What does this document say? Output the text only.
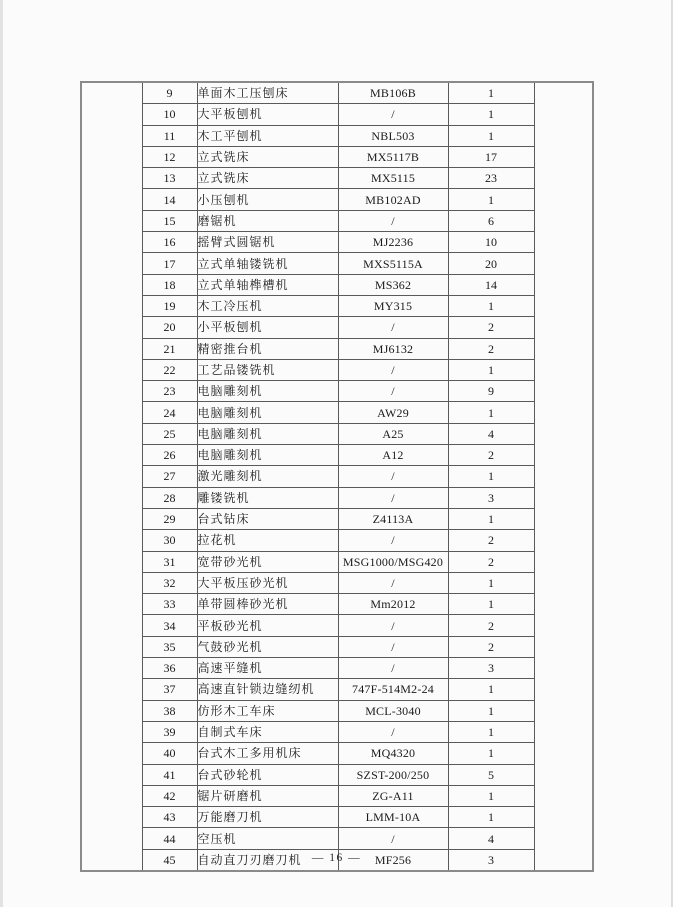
	9	单面木工压刨床	MB106B	1	
	10	大平板刨机	/	1	
	11	木工平刨机	NBL503	1	
	12	立式铣床	MX5117B	17	
	13	立式铣床	MX5115	23	
	14	小压刨机	MB102AD	1	
	15	磨锯机	/	6	
	16	摇臂式圆锯机	MJ2236	10	
	17	立式单轴镂铣机	MXS5115A	20	
	18	立式单轴榫槽机	MS362	14	
	19	木工冷压机	MY315	1	
	20	小平板刨机	/	2	
	21	精密推台机	MJ6132	2	
	22	工艺品镂铣机	/	1	
	23	电脑雕刻机	/	9	
	24	电脑雕刻机	AW29	1	
	25	电脑雕刻机	A25	4	
	26	电脑雕刻机	A12	2	
	27	激光雕刻机	/	1	
	28	雕镂铣机	/	3	
	29	台式钻床	Z4113A	1	
	30	拉花机	/	2	
	31	宽带砂光机	MSG1000/MSG420	2	
	32	大平板压砂光机	/	1	
	33	单带圆棒砂光机	Mm2012	1	
	34	平板砂光机	/	2	
	35	气鼓砂光机	/	2	
	36	高速平缝机	/	3	
	37	高速直针锁边缝纫机	747F-514M2-24	1	
	38	仿形木工车床	MCL-3040	1	
	39	自制式车床	/	1	
	40	台式木工多用机床	MQ4320	1	
	41	台式砂轮机	SZST-200/250	5	
	42	锯片研磨机	ZG-A11	1	
	43	万能磨刀机	LMM-10A	1	
	44	空压机	/	4	
	45	自动直刀刃磨刀机	MF256	3	
— 16 —
